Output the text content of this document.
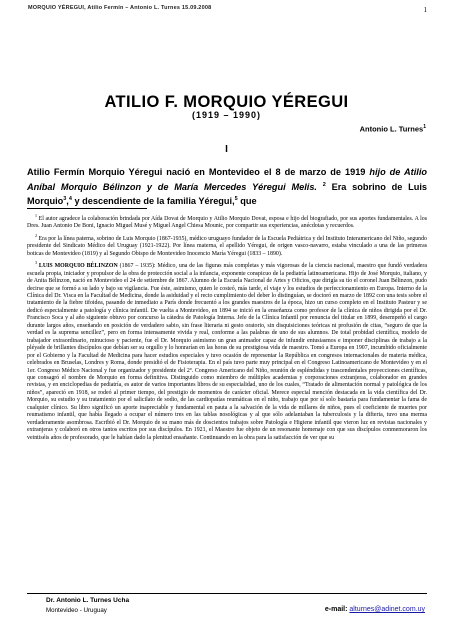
MORQUIO YÉREGUI, Atilio Fermín – Antonio L. Turnes 15.09.2008	1
ATILIO F. MORQUIO YÉREGUI
(1919 – 1990)
Antonio L. Turnes$^1$
I
Atilio Fermín Morquio Yéregui nació en Montevideo el 8 de marzo de 1919 hijo de Atilio Aníbal Morquio Bélinzon y de María Mercedes Yéregui Melis. $^2$ Era sobrino de Luis Morquio$^3$,$^4$ y descendiente de la familia Yéregui,$^5$ que

$^1$ El autor agradece la colaboración brindada por Aída Dovat de Morquio y Atilio Morquio Dovat, esposa e hijo del biografiado, por sus aportes fundamentales. A los Dres. Juan Antonio De Boni, Ignacio Miguel Musé y Miguel Angel Chiesa Mounic, por compartir sus experiencias, anécdotas y recuerdos.

$^2$ Era por la línea paterna, sobrino de Luis Morquio (1867-1935), médico uruguayo fundador de la Escuela Pediátrica y del Instituto Interamericano del Niño, segundo presidente del Sindicato Médico del Uruguay (1921-1922). Por línea materna, el apellido Yéregui, de origen vasco-navarro, estaba vinculado a una de las primeras boticas de Montevideo (1819) y al Segundo Obispo de Montevideo Inocencio María Yéregui (1833 – 1890).

$^3$ LUIS MORQUIO BÉLINZON (1867 – 1935): Médico, una de las figuras más completas y más vigorosas de la ciencia nacional, maestro que fundó verdadera escuela propia, iniciador y propulsor de la obra de protección social a la infancia, exponente conspicuo de la pediatría latinoamericana. Hijo de José Morquio, italiano, y de Anita Bélinzon, nació en Montevideo el 24 de setiembre de 1867. Alumno de la Escuela Nacional de Artes y Oficios, que dirigía su tío el coronel Juan Bélinzon, pudo decirse que se formó a su lado y bajo su vigilancia. Fue éste, asimismo, quien le costeó, más tarde, el viaje y los estudios de perfeccionamiento en Europa. Interno de la Clínica del Dr. Visca en la Facultad de Medicina, donde la asiduidad y el recto cumplimiento del deber lo distinguían, se doctoró en marzo de 1892 con una tesis sobre el tratamiento de la fiebre tifoidea, pasando de inmediato a París donde frecuentó a los grandes maestros de la época, hizo un curso completo en el Instituto Pasteur y se dedicó especialmente a patología y clínica infantil. De vuelta a Montevideo, en 1894 se inició en la enseñanza como profesor de la clínica de niños dirigida por el Dr. Francisco Soca y al año siguiente obtuvo por concurso la cátedra de Patología Interna. Jefe de la Clínica Infantil por renuncia del titular en 1899, desempeñó el cargo durante largos años, enseñando en posición de verdadero sabio, sin frase literaria ni gesto oratorio, sin disquisiciones teóricas ni profusión de citas, “seguro de que la verdad es la suprema sencillez”, pero en forma intensamente vivida y real, conforme a las palabras de uno de sus alumnos. De total probidad científica, modelo de trabajador extraordinario, minucioso y paciente, fue el Dr. Morquio asimismo un gran animador capaz de infundir entusiasmos e imponer disciplinas de trabajo a la pléyade de brillantes discípulos que debían ser su orgullo y lo honrarían en las horas de su prestigiosa vida de maestro. Tomó a Europa en 1907, incumbido oficialmente por el Gobierno y la Facultad de Medicina para hacer estudios especiales y tuvo ocasión de representar la República en congresos internacionales de materia médica, celebrados en Bruselas, Londres y Roma, donde presidió el de Fisioterapia. En el país tuvo parte muy principal en el Congreso Latinoamericano de Montevideo y en el 1er. Congreso Médico Nacional y fue organizador y presidente del 2º. Congreso Americano del Niño, reunión de espléndidas y trascendentales proyecciones científicas, que consagró el nombre de Morquio en forma definitiva. Distinguido como miembro de múltiples academias y corporaciones extranjeras, colaborador en grandes revistas, y en enciclopedias de pediatría, es autor de varios importantes libros de su especialidad, uno de los cuales, “Tratado de alimentación normal y patológica de los niños”, apareció en 1918, se rodeó al primer tiempo, del prestigio de momentos de carácter oficial. Merece especial mención destacada en la vida científica del Dr. Morquio, su estudio y su tratamiento por el salicilato de sodio, de las cardiopatías reumáticas en el niño, trabajo que por sí solo bastaría para fundamentar la fama de cualquier clínico. Su libro significó un aporte inapreciable y fundamental en pauta a la salvación de la vida de millares de niños, pues el coeficiente de muertes por reumatismo infantil, que había llegado a ocupar el número tres en las tablas nosológicas y al que sólo adelantaban la tuberculosis y la difteria, tuvo una merma verdaderamente asombrosa. Escribió el Dr. Morquio de su mano más de doscientos trabajos sobre Patología e Higiene infantil que vieron luz en revistas nacionales y extranjeras y colaboró en otros tantos escritos por sus discípulos. En 1921, el Maestro fue objeto de un resonante homenaje con que sus discípulos conmemoraron los veintiséis años de profesorado, que le habían dado la plenitud ensañante. Continuando en la obra para la satisfacción de ver que su

Dr. Antonio L. Turnes Ucha
Montevideo - Uruguay	e-mail: alturnes@adinet.com.uy
